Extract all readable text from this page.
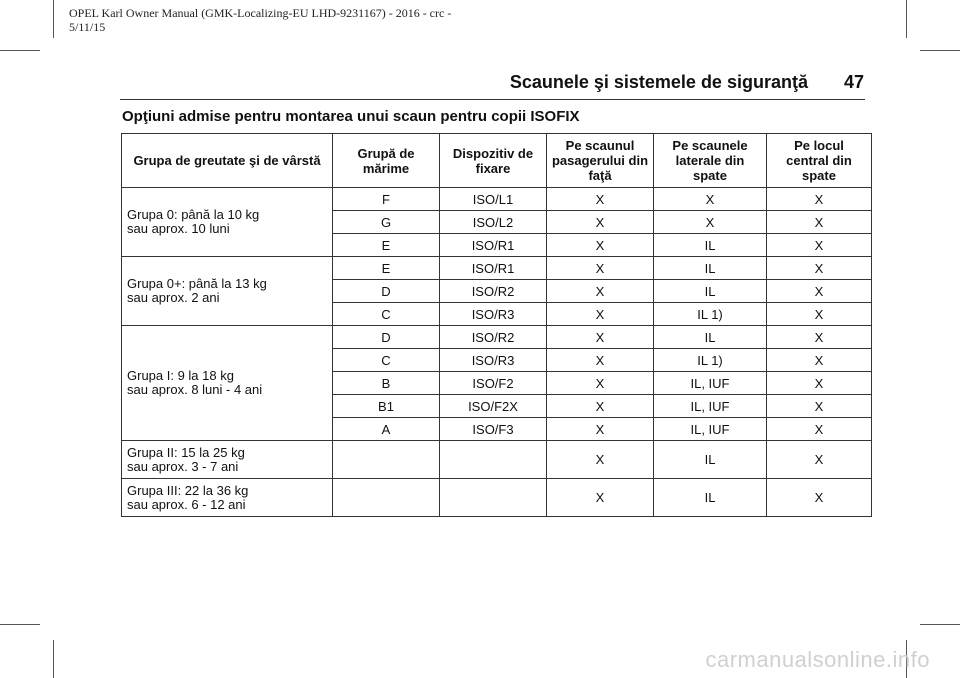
OPEL Karl Owner Manual (GMK-Localizing-EU LHD-9231167) - 2016 - crc -
5/11/15
Scaunele şi sistemele de siguranţă 47
Opţiuni admise pentru montarea unui scaun pentru copii ISOFIX
Grupa de greutate şi de vârstă	Grupă de mărime	Dispozitiv de fixare	Pe scaunul pasagerului din faţă	Pe scaunele laterale din spate	Pe locul central din spate

Grupa 0: până la 10 kg
sau aprox. 10 luni	F	ISO/L1	X	X	X
	G	ISO/L2	X	X	X
	E	ISO/R1	X	IL	X

Grupa 0+: până la 13 kg
sau aprox. 2 ani	E	ISO/R1	X	IL	X
	D	ISO/R2	X	IL	X
	C	ISO/R3	X	IL 1)	X

Grupa I: 9 la 18 kg
sau aprox. 8 luni - 4 ani	D	ISO/R2	X	IL	X
	C	ISO/R3	X	IL 1)	X
	B	ISO/F2	X	IL, IUF	X
	B1	ISO/F2X	X	IL, IUF	X
	A	ISO/F3	X	IL, IUF	X

Grupa II: 15 la 25 kg
sau aprox. 3 - 7 ani			X	IL	X

Grupa III: 22 la 36 kg
sau aprox. 6 - 12 ani			X	IL	X
carmanualsonline.info
